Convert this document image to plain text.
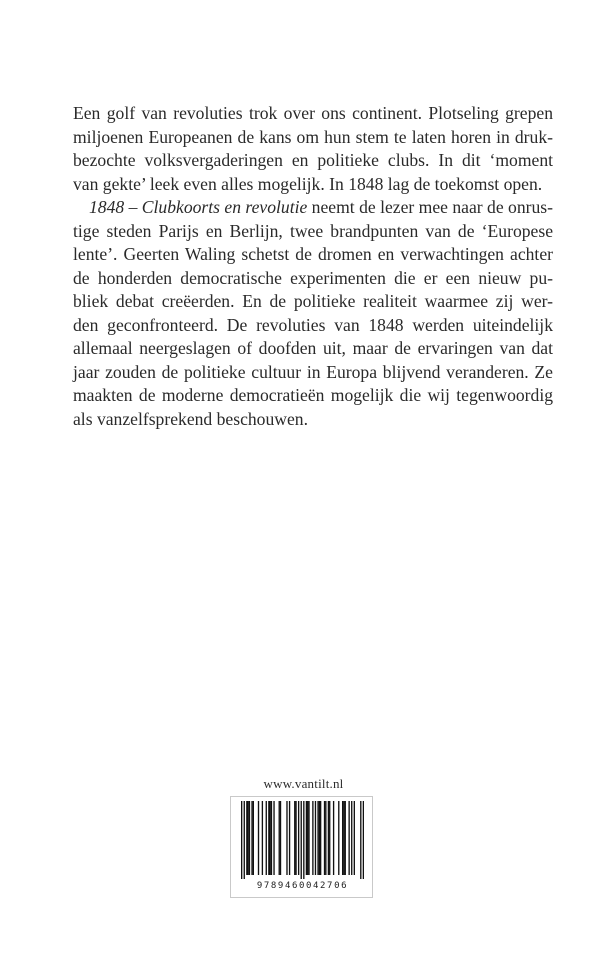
Een golf van revoluties trok over ons continent. Plotseling grepen
miljoenen Europeanen de kans om hun stem te laten horen in druk-
bezochte volksvergaderingen en politieke clubs. In dit ‘moment
van gekte’ leek even alles mogelijk. In 1848 lag de toekomst open.
1848 – Clubkoorts en revolutie neemt de lezer mee naar de onrus-
tige steden Parijs en Berlijn, twee brandpunten van de ‘Europese
lente’. Geerten Waling schetst de dromen en verwachtingen achter
de honderden democratische experimenten die er een nieuw pu-
bliek debat creëerden. En de politieke realiteit waarmee zij wer-
den geconfronteerd. De revoluties van 1848 werden uiteindelijk
allemaal neergeslagen of doofden uit, maar de ervaringen van dat
jaar zouden de politieke cultuur in Europa blijvend veranderen. Ze
maakten de moderne democratieën mogelijk die wij tegenwoordig
als vanzelfsprekend beschouwen.
www.vantilt.nl
9789460042706
